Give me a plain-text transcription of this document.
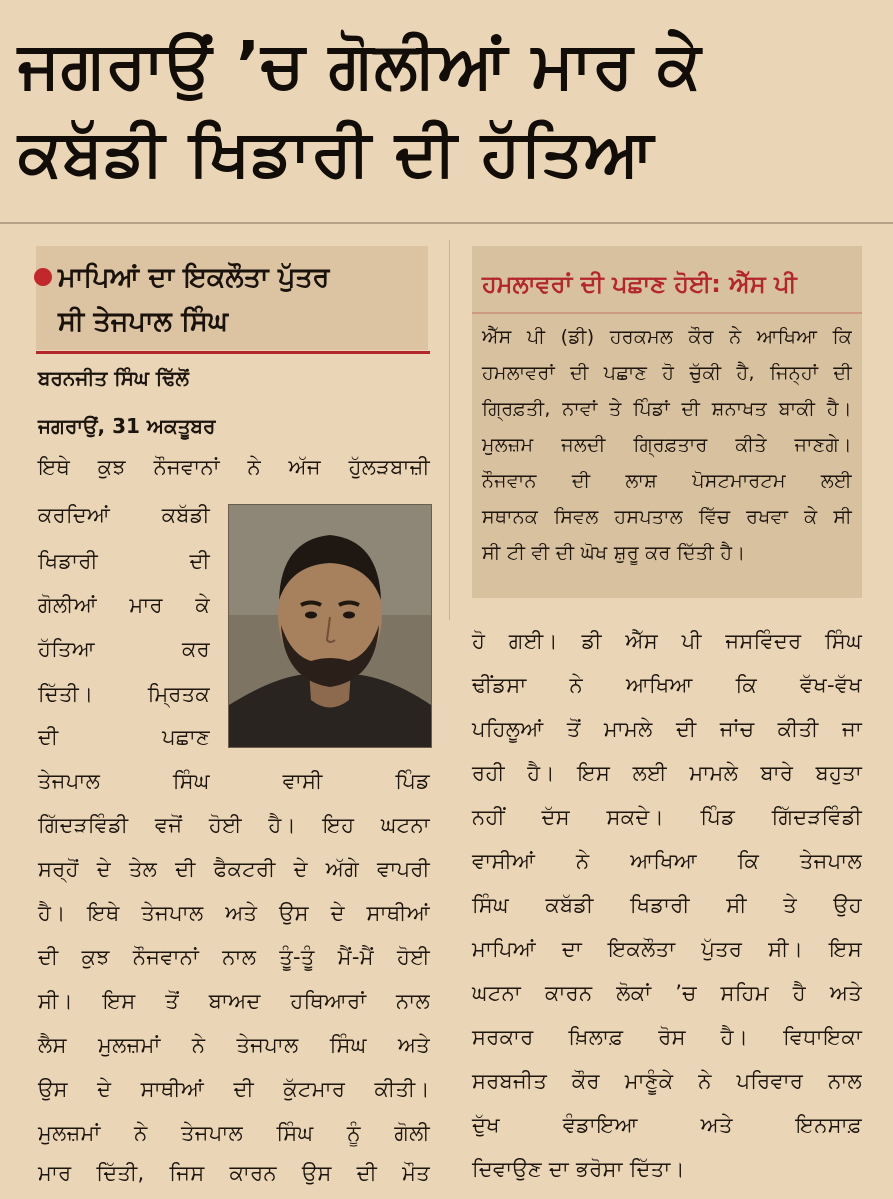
ਜਗਰਾਉਂ ’ਚ ਗੋਲੀਆਂ ਮਾਰ ਕੇ
ਕਬੱਡੀ ਖਿਡਾਰੀ ਦੀ ਹੱਤਿਆ
ਮਾਪਿਆਂ ਦਾ ਇਕਲੌਤਾ ਪੁੱਤਰ
ਸੀ ਤੇਜਪਾਲ ਸਿੰਘ
ਬਰਨਜੀਤ ਸਿੰਘ ਢਿੱਲੋਂ
ਜਗਰਾਉਂ, 31 ਅਕਤੂਬਰ
ਹਮਲਾਵਰਾਂ ਦੀ ਪਛਾਣ ਹੋਈ: ਐੱਸ ਪੀ
ਇਥੇ ਕੁਝ ਨੌਜਵਾਨਾਂ ਨੇ ਅੱਜ ਹੁੱਲੜਬਾਜ਼ੀ
ਕਰਦਿਆਂ ਕਬੱਡੀ
ਖਿਡਾਰੀ ਦੀ
ਗੋਲੀਆਂ ਮਾਰ ਕੇ
ਹੱਤਿਆ ਕਰ
ਦਿੱਤੀ। ਮ੍ਰਿਤਕ
ਦੀ ਪਛਾਣ
ਤੇਜਪਾਲ ਸਿੰਘ ਵਾਸੀ ਪਿੰਡ
ਗਿੱਦੜਵਿੰਡੀ ਵਜੋਂ ਹੋਈ ਹੈ। ਇਹ ਘਟਨਾ
ਸਰ੍ਹੋਂ ਦੇ ਤੇਲ ਦੀ ਫੈਕਟਰੀ ਦੇ ਅੱਗੇ ਵਾਪਰੀ
ਹੈ। ਇਥੇ ਤੇਜਪਾਲ ਅਤੇ ਉਸ ਦੇ ਸਾਥੀਆਂ
ਦੀ ਕੁਝ ਨੌਜਵਾਨਾਂ ਨਾਲ ਤੂੰ-ਤੂੰ ਮੈਂ-ਮੈਂ ਹੋਈ
ਸੀ। ਇਸ ਤੋਂ ਬਾਅਦ ਹਥਿਆਰਾਂ ਨਾਲ
ਲੈਸ ਮੁਲਜ਼ਮਾਂ ਨੇ ਤੇਜਪਾਲ ਸਿੰਘ ਅਤੇ
ਉਸ ਦੇ ਸਾਥੀਆਂ ਦੀ ਕੁੱਟਮਾਰ ਕੀਤੀ।
ਮੁਲਜ਼ਮਾਂ ਨੇ ਤੇਜਪਾਲ ਸਿੰਘ ਨੂੰ ਗੋਲੀ
ਮਾਰ ਦਿੱਤੀ, ਜਿਸ ਕਾਰਨ ਉਸ ਦੀ ਮੌਤ
ਐੱਸ ਪੀ (ਡੀ) ਹਰਕਮਲ ਕੌਰ ਨੇ ਆਖਿਆ ਕਿ
ਹਮਲਾਵਰਾਂ ਦੀ ਪਛਾਣ ਹੋ ਚੁੱਕੀ ਹੈ, ਜਿਨ੍ਹਾਂ ਦੀ
ਗ੍ਰਿਫ਼ਤੀ, ਨਾਵਾਂ ਤੇ ਪਿੰਡਾਂ ਦੀ ਸ਼ਨਾਖਤ ਬਾਕੀ ਹੈ।
ਮੁਲਜ਼ਮ ਜਲਦੀ ਗ੍ਰਿਫ਼ਤਾਰ ਕੀਤੇ ਜਾਣਗੇ।
ਨੌਜਵਾਨ ਦੀ ਲਾਸ਼ ਪੋਸਟਮਾਰਟਮ ਲਈ
ਸਥਾਨਕ ਸਿਵਲ ਹਸਪਤਾਲ ਵਿੱਚ ਰਖਵਾ ਕੇ ਸੀ
ਸੀ ਟੀ ਵੀ ਦੀ ਘੋਖ ਸ਼ੁਰੂ ਕਰ ਦਿੱਤੀ ਹੈ।
ਹੋ ਗਈ। ਡੀ ਐੱਸ ਪੀ ਜਸਵਿੰਦਰ ਸਿੰਘ
ਢੀਂਡਸਾ ਨੇ ਆਖਿਆ ਕਿ ਵੱਖ-ਵੱਖ
ਪਹਿਲੂਆਂ ਤੋਂ ਮਾਮਲੇ ਦੀ ਜਾਂਚ ਕੀਤੀ ਜਾ
ਰਹੀ ਹੈ। ਇਸ ਲਈ ਮਾਮਲੇ ਬਾਰੇ ਬਹੁਤਾ
ਨਹੀਂ ਦੱਸ ਸਕਦੇ। ਪਿੰਡ ਗਿੱਦੜਵਿੰਡੀ
ਵਾਸੀਆਂ ਨੇ ਆਖਿਆ ਕਿ ਤੇਜਪਾਲ
ਸਿੰਘ ਕਬੱਡੀ ਖਿਡਾਰੀ ਸੀ ਤੇ ਉਹ
ਮਾਪਿਆਂ ਦਾ ਇਕਲੌਤਾ ਪੁੱਤਰ ਸੀ। ਇਸ
ਘਟਨਾ ਕਾਰਨ ਲੋਕਾਂ ’ਚ ਸਹਿਮ ਹੈ ਅਤੇ
ਸਰਕਾਰ ਖ਼ਿਲਾਫ਼ ਰੋਸ ਹੈ। ਵਿਧਾਇਕਾ
ਸਰਬਜੀਤ ਕੌਰ ਮਾਣੂੰਕੇ ਨੇ ਪਰਿਵਾਰ ਨਾਲ
ਦੁੱਖ ਵੰਡਾਇਆ ਅਤੇ ਇਨਸਾਫ਼
ਦਿਵਾਉਣ ਦਾ ਭਰੋਸਾ ਦਿੱਤਾ।
